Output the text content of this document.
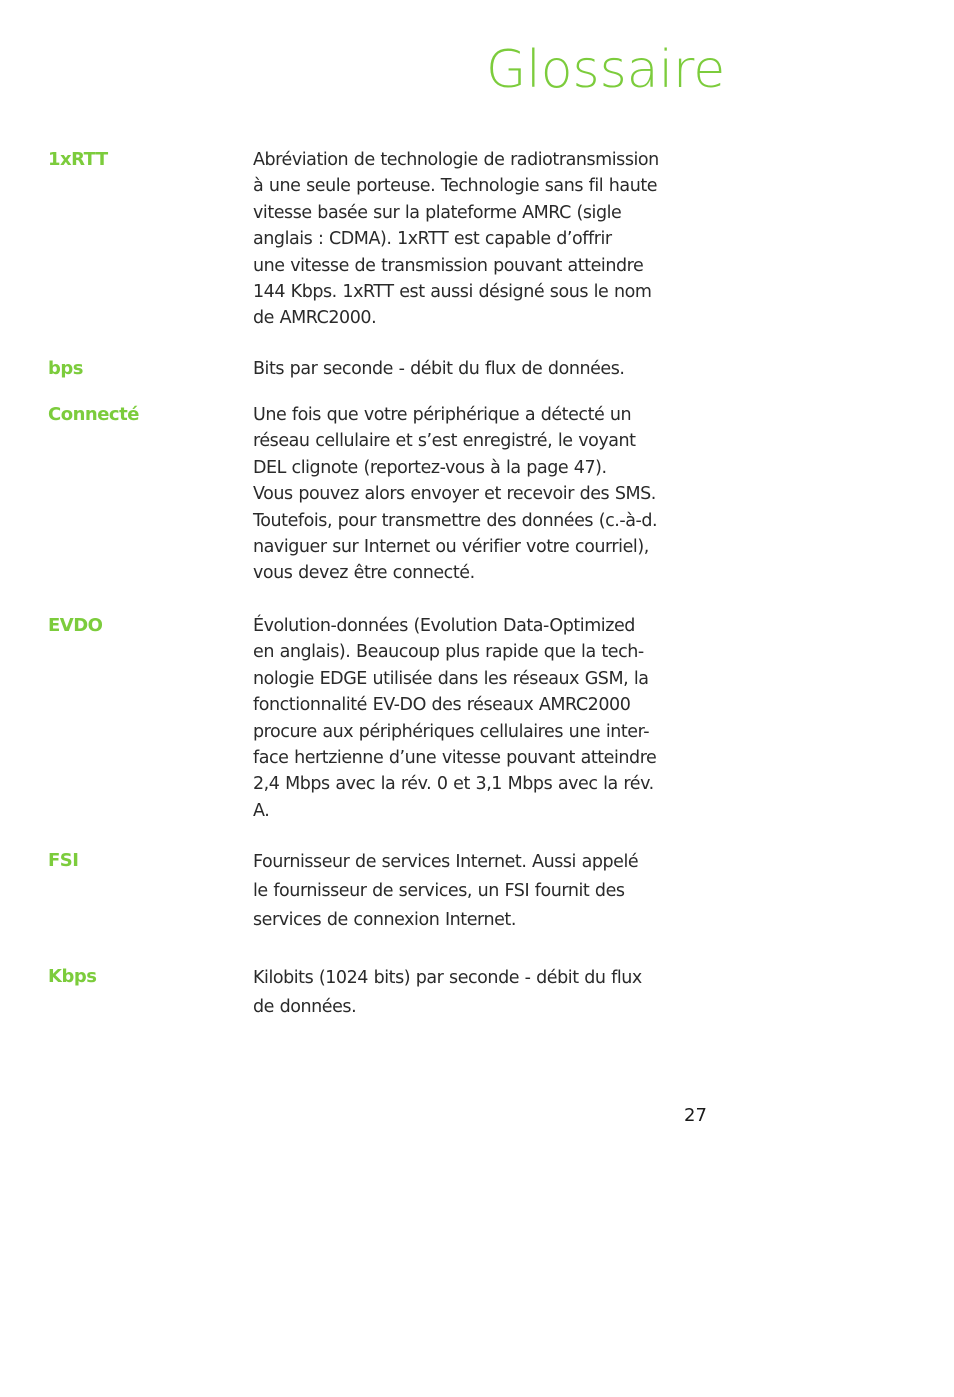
Glossaire
1xRTT	Abréviation de technologie de radiotransmission
à une seule porteuse. Technologie sans fil haute
vitesse basée sur la plateforme AMRC (sigle
anglais : CDMA). 1xRTT est capable d’offrir
une vitesse de transmission pouvant atteindre
144 Kbps. 1xRTT est aussi désigné sous le nom
de AMRC2000.

bps	Bits par seconde - débit du flux de données.

Connecté	Une fois que votre périphérique a détecté un
réseau cellulaire et s’est enregistré, le voyant
DEL clignote (reportez-vous à la page 47).
Vous pouvez alors envoyer et recevoir des SMS.
Toutefois, pour transmettre des données (c.-à-d.
naviguer sur Internet ou vérifier votre courriel),
vous devez être connecté.

EVDO	Évolution-données (Evolution Data-Optimized
en anglais). Beaucoup plus rapide que la tech-
nologie EDGE utilisée dans les réseaux GSM, la
fonctionnalité EV-DO des réseaux AMRC2000
procure aux périphériques cellulaires une inter-
face hertzienne d’une vitesse pouvant atteindre
2,4 Mbps avec la rév. 0 et 3,1 Mbps avec la rév.
A.

FSI	Fournisseur de services Internet. Aussi appelé
le fournisseur de services, un FSI fournit des
services de connexion Internet.

Kbps	Kilobits (1024 bits) par seconde - débit du flux
de données.

27
